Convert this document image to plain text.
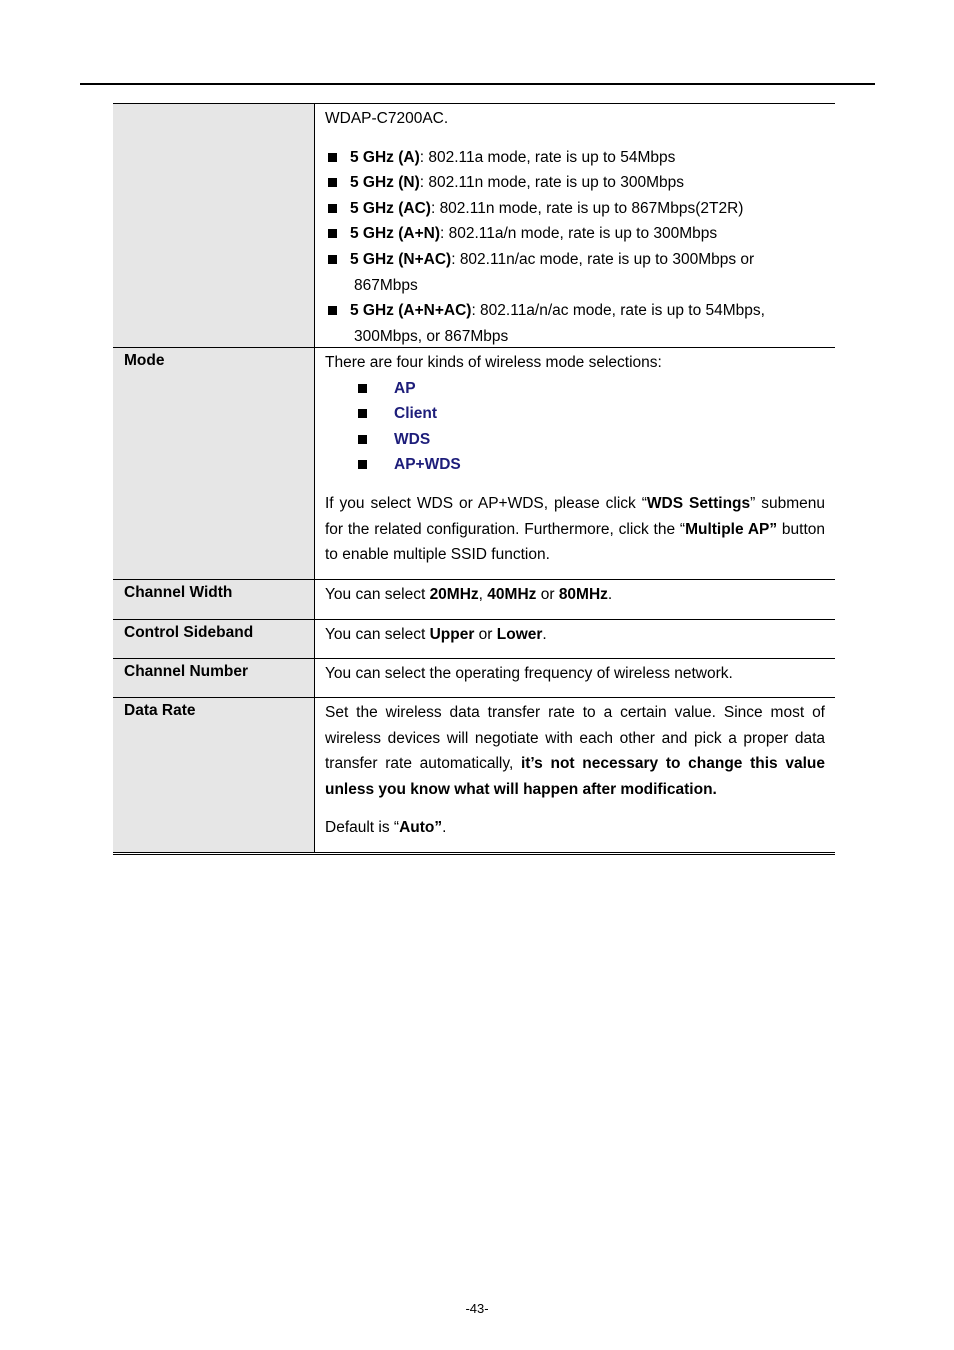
WDAP-C7200AC.

5 GHz (A): 802.11a mode, rate is up to 54Mbps
5 GHz (N): 802.11n mode, rate is up to 300Mbps
5 GHz (AC): 802.11n mode, rate is up to 867Mbps(2T2R)
5 GHz (A+N): 802.11a/n mode, rate is up to 300Mbps
5 GHz (N+AC): 802.11n/ac mode, rate is up to 300Mbps or
867Mbps
5 GHz (A+N+AC): 802.11a/n/ac mode, rate is up to 54Mbps,
300Mbps, or 867Mbps
Mode	There are four kinds of wireless mode selections:

AP
Client
WDS
AP+WDS

If you select WDS or AP+WDS, please click “WDS Settings” submenu for the related configuration. Furthermore, click the “Multiple AP” button to enable multiple SSID function.

Channel Width	You can select 20MHz, 40MHz or 80MHz.

Control Sideband	You can select Upper or Lower.

Channel Number	You can select the operating frequency of wireless network.

Data Rate	Set the wireless data transfer rate to a certain value. Since most of wireless devices will negotiate with each other and pick a proper data transfer rate automatically, it’s not necessary to change this value unless you know what will happen after modification.

Default is “Auto”.

-43-
